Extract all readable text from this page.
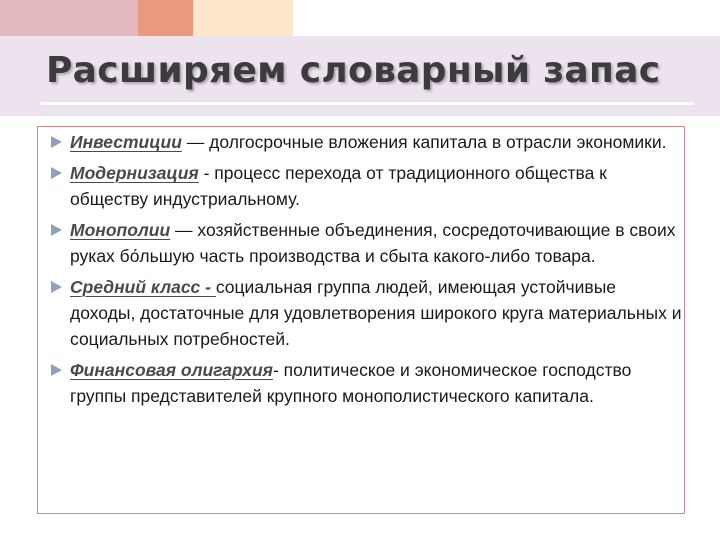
Расширяем словарный запас
Инвестиции — долгосрочные вложения капитала в отрасли экономики.
Модернизация - процесс перехода от традиционного общества к обществу индустриальному.
Монополии — хозяйственные объединения, сосредоточивающие в своих руках бо́льшую часть производства и сбыта какого-либо товара.
Средний класс - социальная группа людей, имеющая устойчивые доходы, достаточные для удовлетворения широкого круга материальных и социальных потребностей.
Финансовая олигархия- политическое и экономическое господство группы представителей крупного монополистического капитала.
